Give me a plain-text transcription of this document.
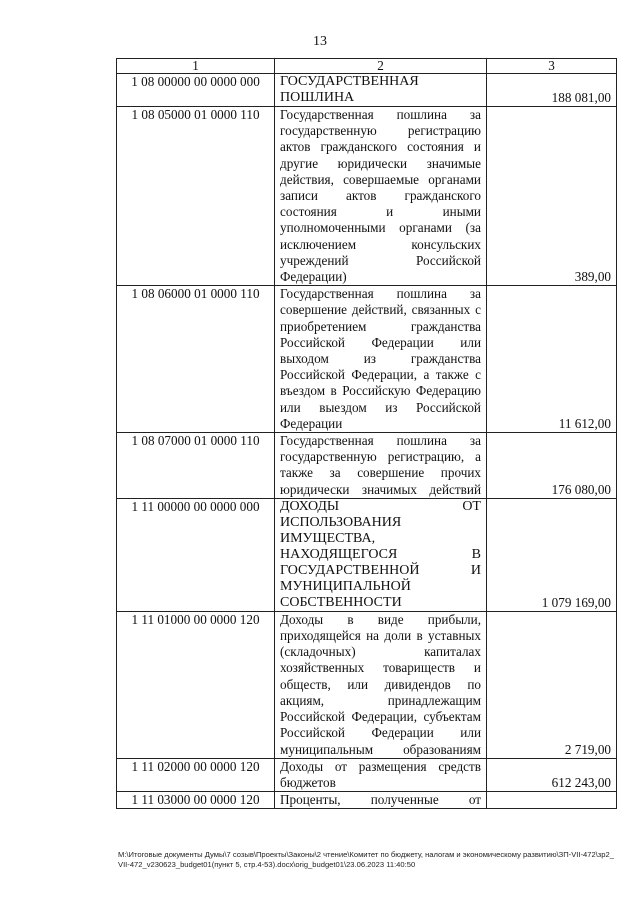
13
1	2	3
1 08 00000 00 0000 000	ГОСУДАРСТВЕННАЯ ПОШЛИНА	188 081,00
1 08 05000 01 0000 110	Государственная пошлина за государственную регистрацию актов гражданского состояния и другие юридически значимые действия, совершаемые органами записи актов гражданского состояния и иными уполномоченными органами (за исключением консульских учреждений Российской Федерации)	389,00
1 08 06000 01 0000 110	Государственная пошлина за совершение действий, связанных с приобретением гражданства Российской Федерации или выходом из гражданства Российской Федерации, а также с въездом в Российскую Федерацию или выездом из Российской Федерации	11 612,00
1 08 07000 01 0000 110	Государственная пошлина за государственную регистрацию, а также за совершение прочих юридически значимых действий	176 080,00
1 11 00000 00 0000 000	ДОХОДЫ ОТ ИСПОЛЬЗОВАНИЯ ИМУЩЕСТВА, НАХОДЯЩЕГОСЯ В ГОСУДАРСТВЕННОЙ И МУНИЦИПАЛЬНОЙ СОБСТВЕННОСТИ	1 079 169,00
1 11 01000 00 0000 120	Доходы в виде прибыли, приходящейся на доли в уставных (складочных) капиталах хозяйственных товариществ и обществ, или дивидендов по акциям, принадлежащим Российской Федерации, субъектам Российской Федерации или муниципальным образованиям	2 719,00
1 11 02000 00 0000 120	Доходы от размещения средств бюджетов	612 243,00
1 11 03000 00 0000 120	Проценты, полученные от	
M:\Итоговые документы Думы\7 созыв\Проекты\Законы\2 чтение\Комитет по бюджету, налогам и экономическому развитию\ЗП-VII-472\зр2_VII-472_v230623_budget01(пункт 5, стр.4-53).docx\orig_budget01\23.06.2023 11:40:50
